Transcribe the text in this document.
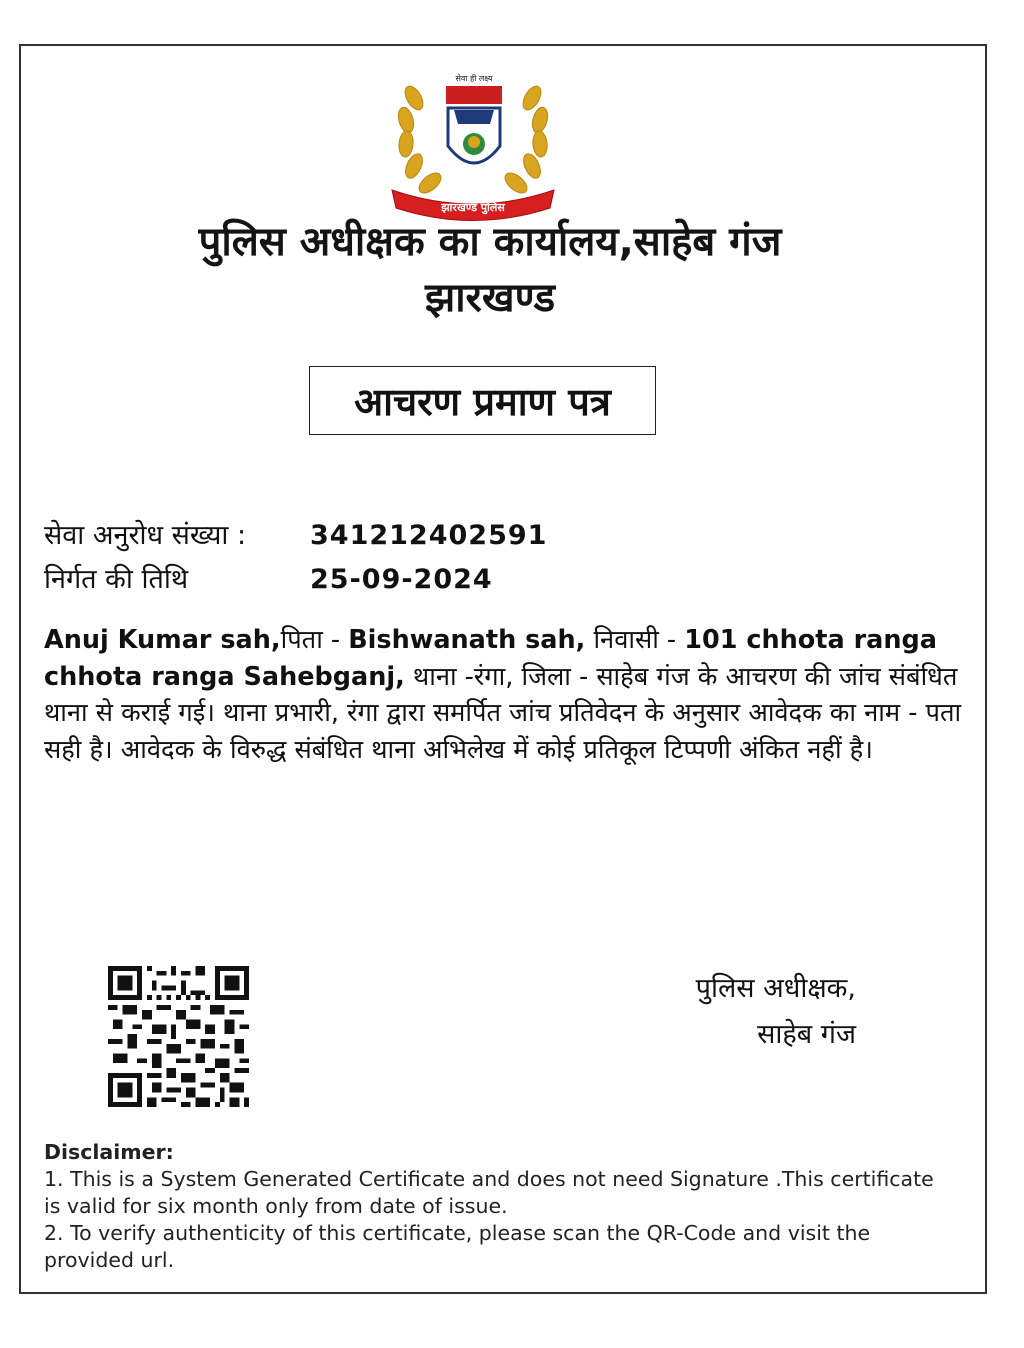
सेवा ही लक्ष्य
झारखण्ड पुलिस
पुलिस अधीक्षक का कार्यालय,साहेब गंज
झारखण्ड
आचरण प्रमाण पत्र
सेवा अनुरोध संख्या : 341212402591
निर्गत की तिथि	25-09-2024
Anuj Kumar sah,पिता - Bishwanath sah, निवासी - 101 chhota ranga chhota ranga Sahebganj, थाना -रंगा, जिला - साहेब गंज के आचरण की जांच संबंधित थाना से कराई गई। थाना प्रभारी, रंगा द्वारा समर्पित जांच प्रतिवेदन के अनुसार आवेदक का नाम - पता सही है। आवेदक के विरुद्ध संबंधित थाना अभिलेख में कोई प्रतिकूल टिप्पणी अंकित नहीं है।
पुलिस अधीक्षक,
साहेब गंज
Disclaimer:
1. This is a System Generated Certificate and does not need Signature .This certificate is valid for six month only from date of issue.
2. To verify authenticity of this certificate, please scan the QR-Code and visit the provided url.
